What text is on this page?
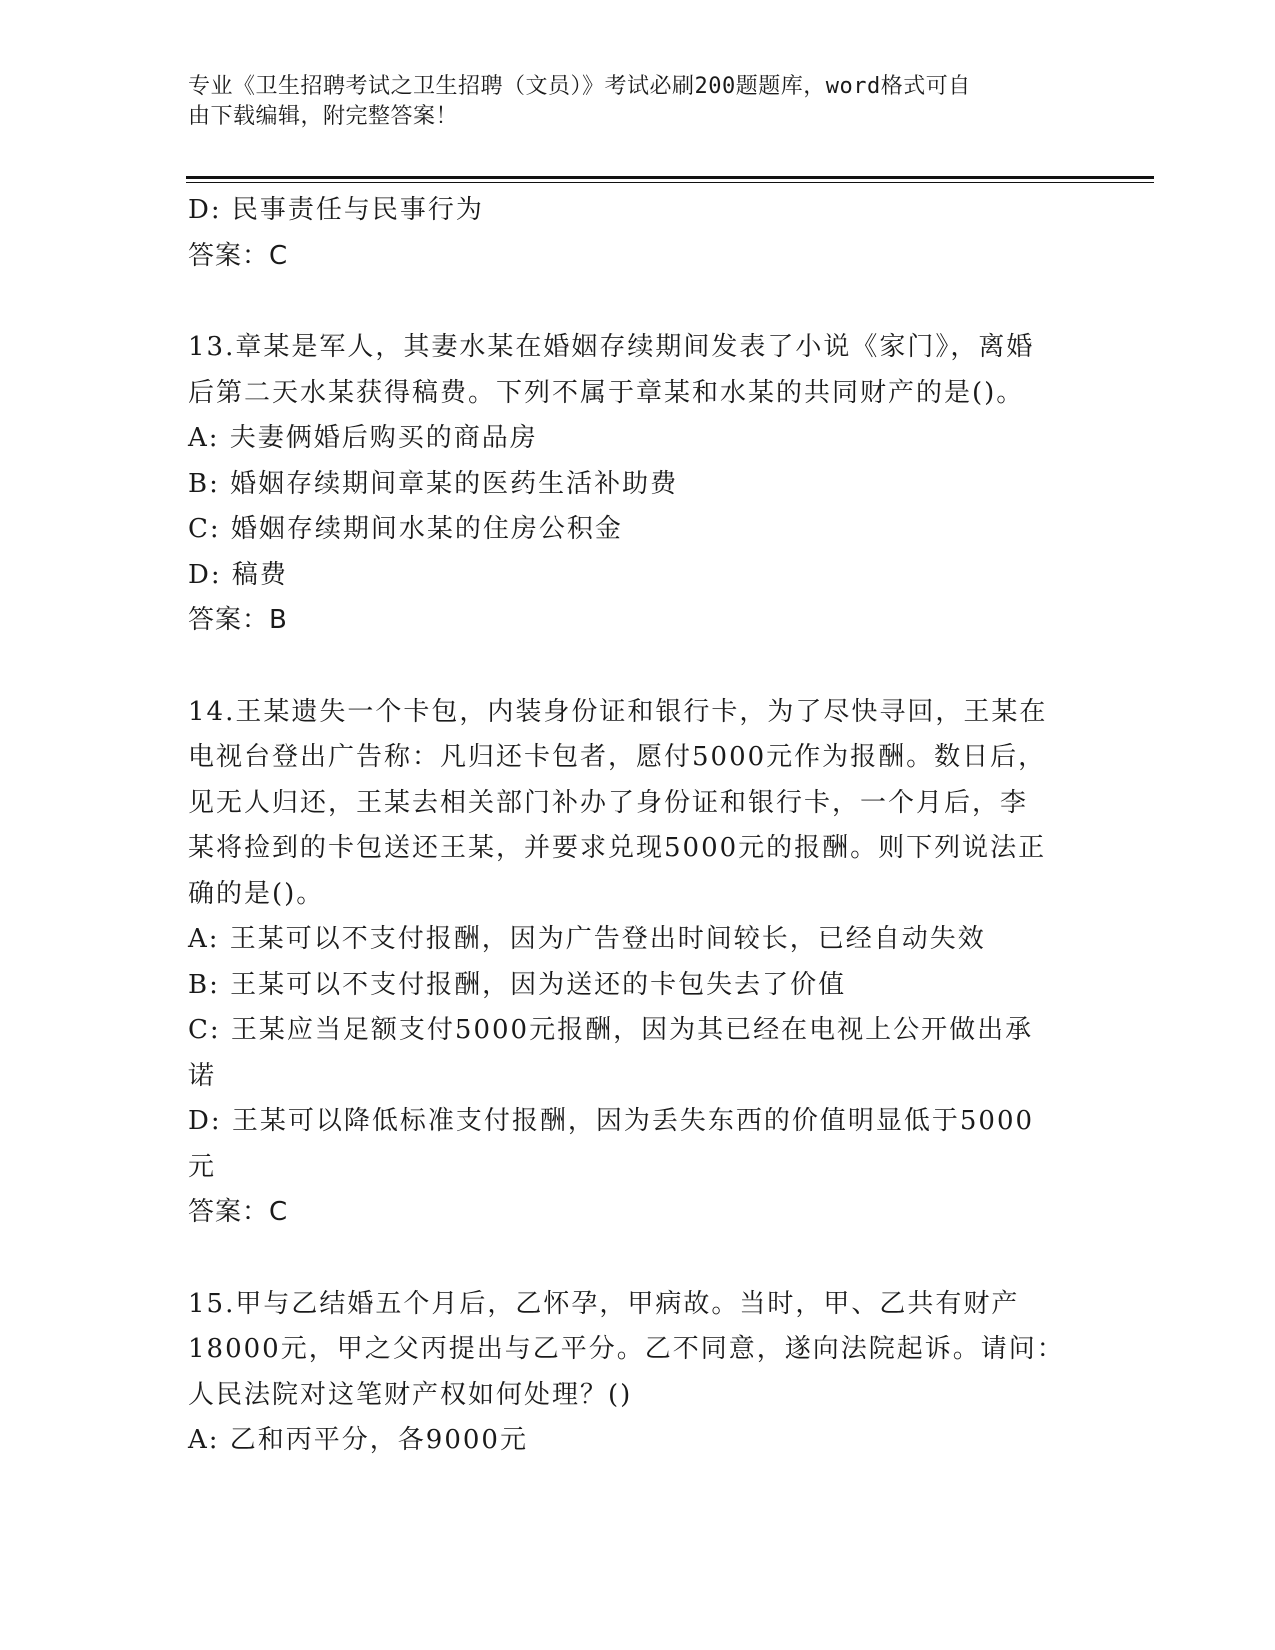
专业《卫生招聘考试之卫生招聘（文员）》考试必刷200题题库，word格式可自
由下载编辑，附完整答案！

D: 民事责任与民事行为

答案：C

13.章某是军人，其妻水某在婚姻存续期间发表了小说《家门》，离婚

后第二天水某获得稿费。下列不属于章某和水某的共同财产的是()。

A: 夫妻俩婚后购买的商品房

B: 婚姻存续期间章某的医药生活补助费

C: 婚姻存续期间水某的住房公积金

D: 稿费

答案：B

14.王某遗失一个卡包，内装身份证和银行卡，为了尽快寻回，王某在

电视台登出广告称：凡归还卡包者，愿付5000元作为报酬。数日后，

见无人归还，王某去相关部门补办了身份证和银行卡，一个月后，李

某将捡到的卡包送还王某，并要求兑现5000元的报酬。则下列说法正

确的是()。

A: 王某可以不支付报酬，因为广告登出时间较长，已经自动失效

B: 王某可以不支付报酬，因为送还的卡包失去了价值

C: 王某应当足额支付5000元报酬，因为其已经在电视上公开做出承

诺

D: 王某可以降低标准支付报酬，因为丢失东西的价值明显低于5000

元

答案：C

15.甲与乙结婚五个月后，乙怀孕，甲病故。当时，甲、乙共有财产

18000元，甲之父丙提出与乙平分。乙不同意，遂向法院起诉。请问：

人民法院对这笔财产权如何处理？()

A: 乙和丙平分，各9000元
